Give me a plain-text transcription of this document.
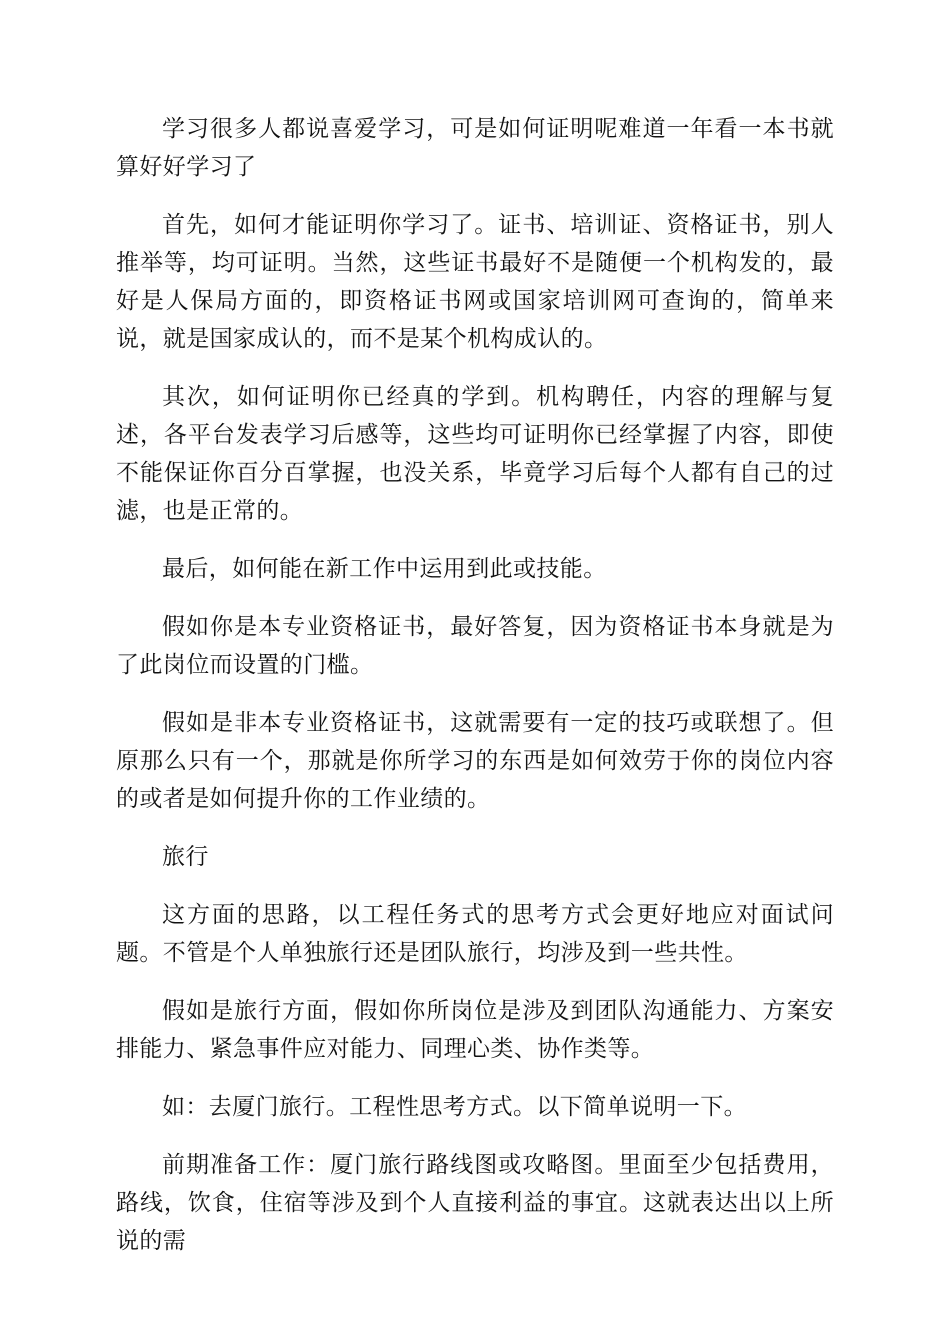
学习很多人都说喜爱学习，可是如何证明呢难道一年看一本书就算好好学习了

首先，如何才能证明你学习了。证书、培训证、资格证书，别人推举等，均可证明。当然，这些证书最好不是随便一个机构发的，最好是人保局方面的，即资格证书网或国家培训网可查询的，简单来说，就是国家成认的，而不是某个机构成认的。

其次，如何证明你已经真的学到。机构聘任，内容的理解与复述，各平台发表学习后感等，这些均可证明你已经掌握了内容，即使不能保证你百分百掌握，也没关系，毕竟学习后每个人都有自己的过滤，也是正常的。

最后，如何能在新工作中运用到此或技能。

假如你是本专业资格证书，最好答复，因为资格证书本身就是为了此岗位而设置的门槛。

假如是非本专业资格证书，这就需要有一定的技巧或联想了。但原那么只有一个，那就是你所学习的东西是如何效劳于你的岗位内容的或者是如何提升你的工作业绩的。

旅行

这方面的思路，以工程任务式的思考方式会更好地应对面试问题。不管是个人单独旅行还是团队旅行，均涉及到一些共性。

假如是旅行方面，假如你所岗位是涉及到团队沟通能力、方案安排能力、紧急事件应对能力、同理心类、协作类等。

如：去厦门旅行。工程性思考方式。以下简单说明一下。

前期准备工作：厦门旅行路线图或攻略图。里面至少包括费用，路线，饮食，住宿等涉及到个人直接利益的事宜。这就表达出以上所说的需
